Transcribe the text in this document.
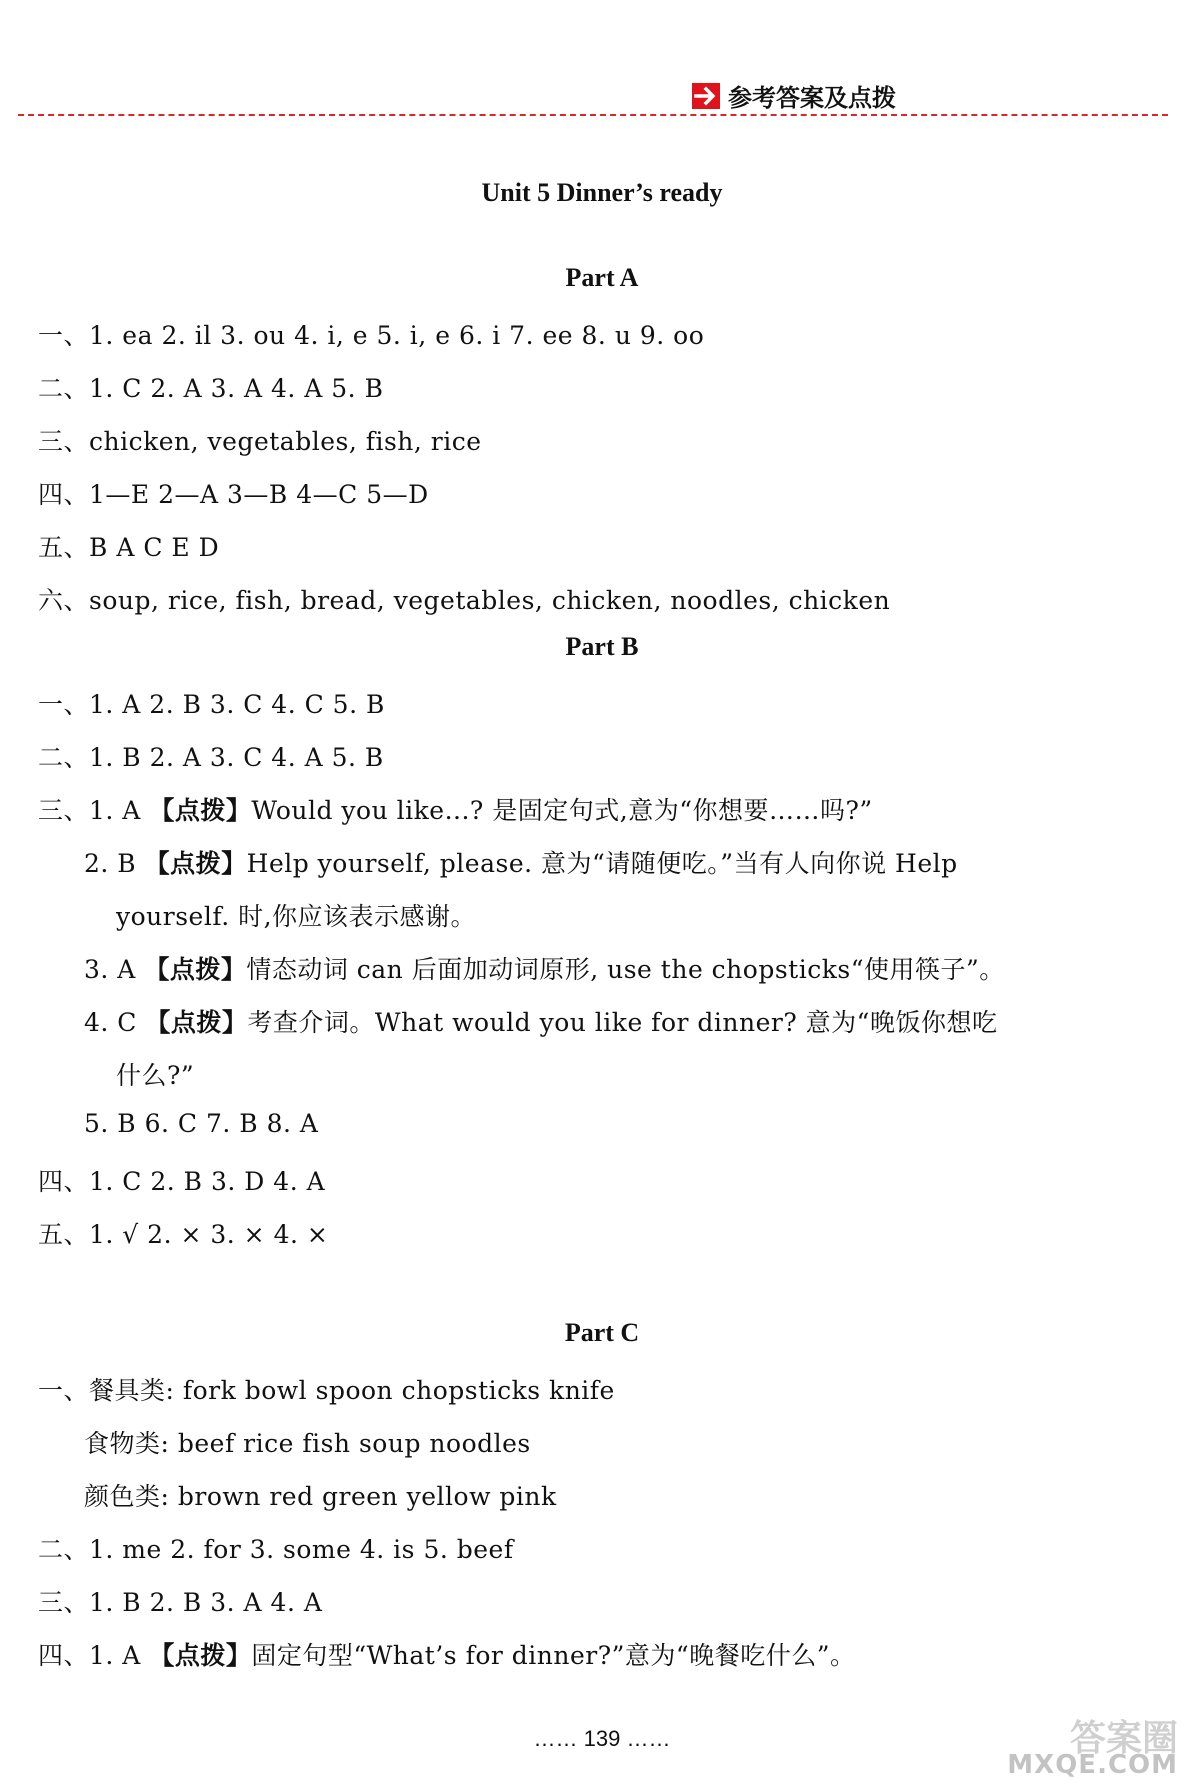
参考答案及点拨
Unit 5 Dinner’s ready
Part A
一、1. ea 2. il 3. ou 4. i, e 5. i, e 6. i 7. ee 8. u 9. oo
二、1. C 2. A 3. A 4. A 5. B
三、chicken, vegetables, fish, rice
四、1—E 2—A 3—B 4—C 5—D
五、B A C E D
六、soup, rice, fish, bread, vegetables, chicken, noodles, chicken
Part B
一、1. A 2. B 3. C 4. C 5. B
二、1. B 2. A 3. C 4. A 5. B
三、1. A 【点拨】Would you like...? 是固定句式,意为“你想要……吗?”
2. B 【点拨】Help yourself, please. 意为“请随便吃。”当有人向你说 Help
yourself. 时,你应该表示感谢。
3. A 【点拨】情态动词 can 后面加动词原形, use the chopsticks“使用筷子”。
4. C 【点拨】考查介词。What would you like for dinner? 意为“晚饭你想吃
什么?”
5. B 6. C 7. B 8. A
四、1. C 2. B 3. D 4. A
五、1. √ 2. × 3. × 4. ×
Part C
一、餐具类: fork bowl spoon chopsticks knife
食物类: beef rice fish soup noodles
颜色类: brown red green yellow pink
二、1. me 2. for 3. some 4. is 5. beef
三、1. B 2. B 3. A 4. A
四、1. A 【点拨】固定句型“What’s for dinner?”意为“晚餐吃什么”。
…… 139 ……	答案圈
MXQE.COM
